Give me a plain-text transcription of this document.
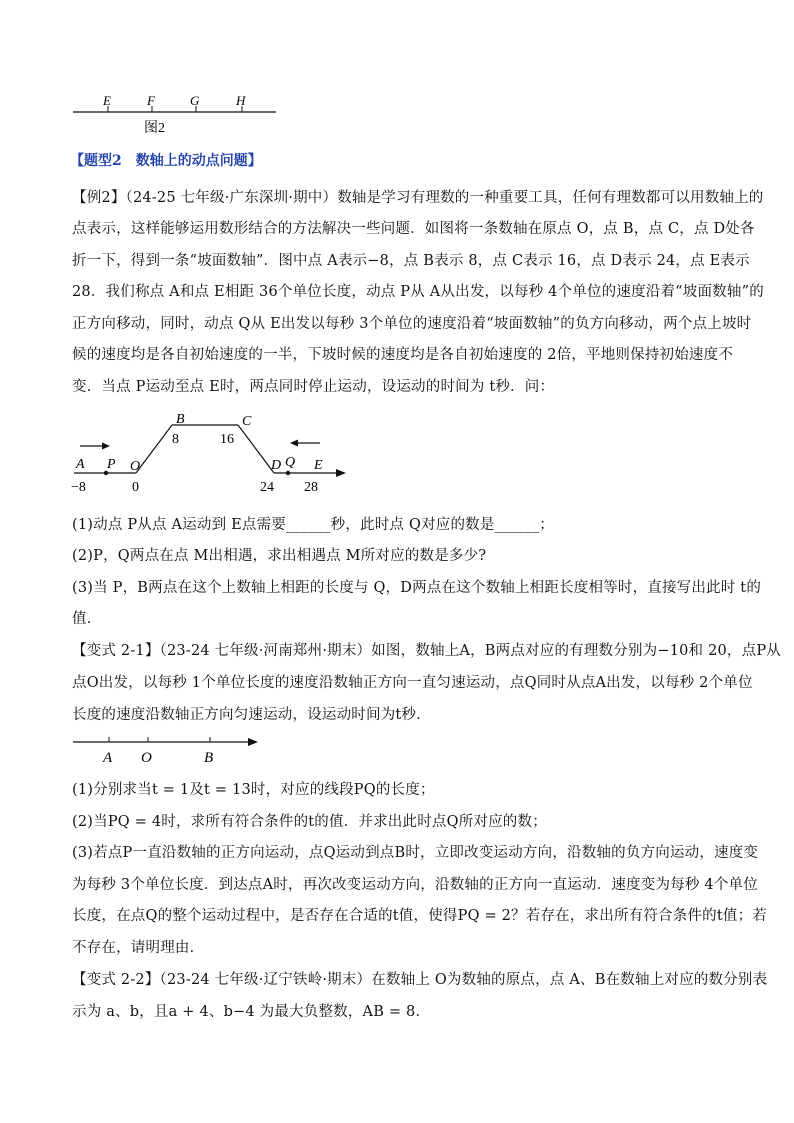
E	F	G	H
图2
【题型2　数轴上的动点问题】
【例2】（24-25 七年级·广东深圳·期中）数轴是学习有理数的一种重要工具，任何有理数都可以用数轴上的
点表示，这样能够运用数形结合的方法解决一些问题．如图将一条数轴在原点 O，点 B，点 C，点 D处各
折一下，得到一条“坡面数轴”．图中点 A表示−8，点 B表示 8，点 C表示 16，点 D表示 24，点 E表示
28．我们称点 A和点 E相距 36个单位长度，动点 P从 A从出发，以每秒 4个单位的速度沿着“坡面数轴”的
正方向移动，同时，动点 Q从 E出发以每秒 3个单位的速度沿着“坡面数轴”的负方向移动，两个点上坡时
候的速度均是各自初始速度的一半，下坡时候的速度均是各自初始速度的 2倍，平地则保持初始速度不
变．当点 P运动至点 E时，两点同时停止运动，设运动的时间为 t秒．问：
A P O
B	C
D Q E
−8	0
8	16
24 28
(1)动点 P从点 A运动到 E点需要______秒，此时点 Q对应的数是______；
(2)P，Q两点在点 M出相遇，求出相遇点 M所对应的数是多少?
(3)当 P，B两点在这个上数轴上相距的长度与 Q，D两点在这个数轴上相距长度相等时，直接写出此时 t的
值．
【变式 2-1】（23-24 七年级·河南郑州·期末）如图，数轴上A，B两点对应的有理数分别为−10和 20，点P从
点O出发，以每秒 1个单位长度的速度沿数轴正方向一直匀速运动，点Q同时从点A出发，以每秒 2个单位
长度的速度沿数轴正方向匀速运动，设运动时间为t秒．
A O	B
(1)分别求当t = 1及t = 13时，对应的线段PQ的长度；
(2)当PQ = 4时，求所有符合条件的t的值．并求出此时点Q所对应的数；
(3)若点P一直沿数轴的正方向运动，点Q运动到点B时，立即改变运动方向，沿数轴的负方向运动，速度变
为每秒 3个单位长度．到达点A时，再次改变运动方向，沿数轴的正方向一直运动．速度变为每秒 4个单位
长度，在点Q的整个运动过程中，是否存在合适的t值，使得PQ = 2？若存在，求出所有符合条件的t值；若
不存在，请明理由．
【变式 2-2】（23-24 七年级·辽宁铁岭·期末）在数轴上 O为数轴的原点，点 A、B在数轴上对应的数分别表
示为 a、b，且a + 4、b−4 为最大负整数，AB = 8．
